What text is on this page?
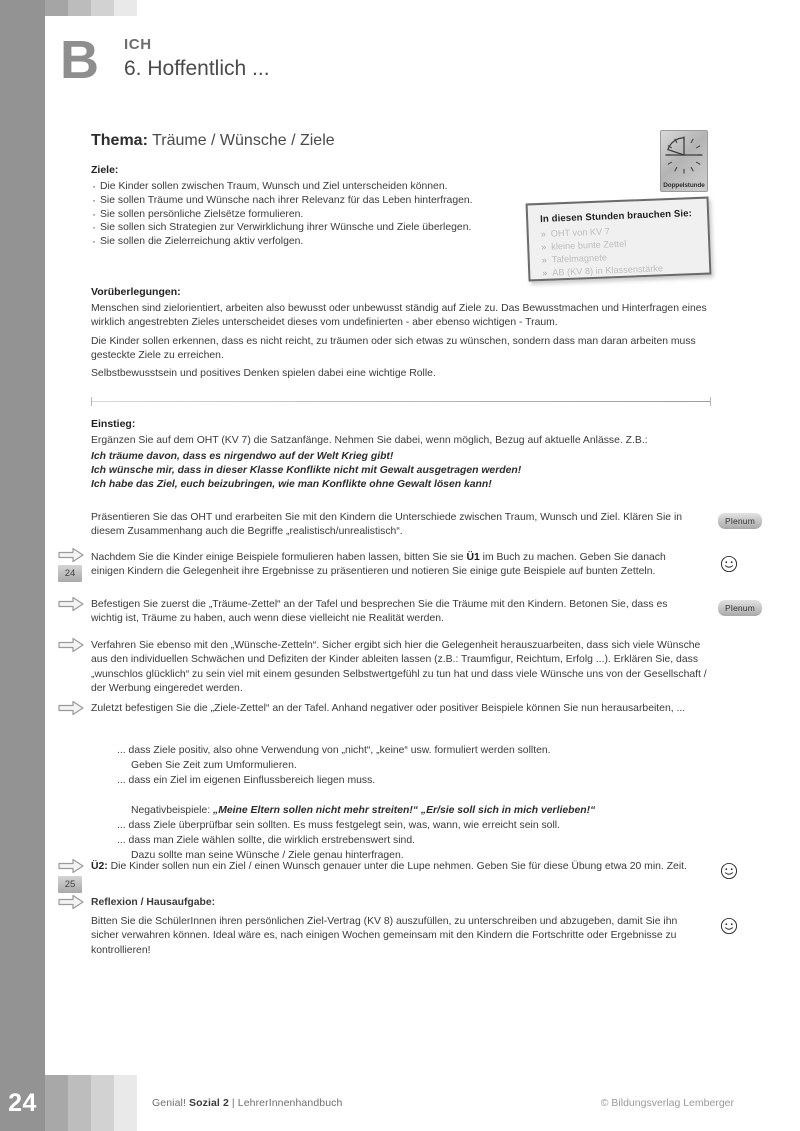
B ICH
6. Hoffentlich ...
Thema: Träume / Wünsche / Ziele
Ziele:
· Die Kinder sollen zwischen Traum, Wunsch und Ziel unterscheiden können.
· Sie sollen Träume und Wünsche nach ihrer Relevanz für das Leben hinterfragen.
· Sie sollen persönliche Zielsëtze formulieren.
· Sie sollen sich Strategien zur Verwirklichung ihrer Wünsche und Ziele überlegen.
· Sie sollen die Zielerreichung aktiv verfolgen.
Doppelstunde
In diesen Stunden brauchen Sie:
» OHT von KV 7
» kleine bunte Zettel
» Tafelmagnete
» AB (KV 8) in Klassenstärke
Vorüberlegungen:

Menschen sind zielorientiert, arbeiten also bewusst oder unbewusst ständig auf Ziele zu. Das Bewusstmachen und Hinterfragen eines wirklich angestrebten Zieles unterscheidet dieses vom undefinierten - aber ebenso wichtigen - Traum.

Die Kinder sollen erkennen, dass es nicht reicht, zu träumen oder sich etwas zu wünschen, sondern dass man daran arbeiten muss gesteckte Ziele zu erreichen.

Selbstbewusstsein und positives Denken spielen dabei eine wichtige Rolle.

Einstieg:

Ergänzen Sie auf dem OHT (KV 7) die Satzanfänge. Nehmen Sie dabei, wenn möglich, Bezug auf aktuelle Anlässe. Z.B.:

Ich träume davon, dass es nirgendwo auf der Welt Krieg gibt!
Ich wünsche mir, dass in dieser Klasse Konflikte nicht mit Gewalt ausgetragen werden!
Ich habe das Ziel, euch beizubringen, wie man Konflikte ohne Gewalt lösen kann!
Präsentieren Sie das OHT und erarbeiten Sie mit den Kindern die Unterschiede zwischen Traum, Wunsch und Ziel. Klären Sie in diesem Zusammenhang auch die Begriffe „realistisch/unrealistisch“.
Plenum
24
Nachdem Sie die Kinder einige Beispiele formulieren haben lassen, bitten Sie sie Ü1 im Buch zu machen. Geben Sie danach einigen Kindern die Gelegenheit ihre Ergebnisse zu präsentieren und notieren Sie einige gute Beispiele auf bunten Zetteln.
Befestigen Sie zuerst die „Träume-Zettel“ an der Tafel und besprechen Sie die Träume mit den Kindern. Betonen Sie, dass es wichtig ist, Träume zu haben, auch wenn diese vielleicht nie Realität werden.
Plenum
Verfahren Sie ebenso mit den „Wünsche-Zetteln“. Sicher ergibt sich hier die Gelegenheit herauszuarbeiten, dass sich viele Wünsche aus den individuellen Schwächen und Defiziten der Kinder ableiten lassen (z.B.: Traumfigur, Reichtum, Erfolg ...). Erklären Sie, dass „wunschlos glücklich“ zu sein viel mit einem gesunden Selbstwertgefühl zu tun hat und dass viele Wünsche uns von der Gesellschaft / der Werbung eingeredet werden.
Zuletzt befestigen Sie die „Ziele-Zettel“ an der Tafel. Anhand negativer oder positiver Beispiele können Sie nun herausarbeiten, ...
... dass Ziele positiv, also ohne Verwendung von „nicht“, „keine“ usw. formuliert werden sollten.
Geben Sie Zeit zum Umformulieren.
... dass ein Ziel im eigenen Einflussbereich liegen muss.

Negativbeispiele: „Meine Eltern sollen nicht mehr streiten!“ „Er/sie soll sich in mich verlieben!“
... dass Ziele überprüfbar sein sollten. Es muss festgelegt sein, was, wann, wie erreicht sein soll.
... dass man Ziele wählen sollte, die wirklich erstrebenswert sind.
Dazu sollte man seine Wünsche / Ziele genau hinterfragen.
25
Ü2: Die Kinder sollen nun ein Ziel / einen Wunsch genauer unter die Lupe nehmen. Geben Sie für diese Übung etwa 20 min. Zeit.
Reflexion / Hausaufgabe:
Bitten Sie die SchülerInnen ihren persönlichen Ziel-Vertrag (KV 8) auszufüllen, zu unterschreiben und abzugeben, damit Sie ihn sicher verwahren können. Ideal wäre es, nach einigen Wochen gemeinsam mit den Kindern die Fortschritte oder Ergebnisse zu kontrollieren!
24	Genial! Sozial 2 | LehrerInnenhandbuch	© Bildungsverlag Lemberger
